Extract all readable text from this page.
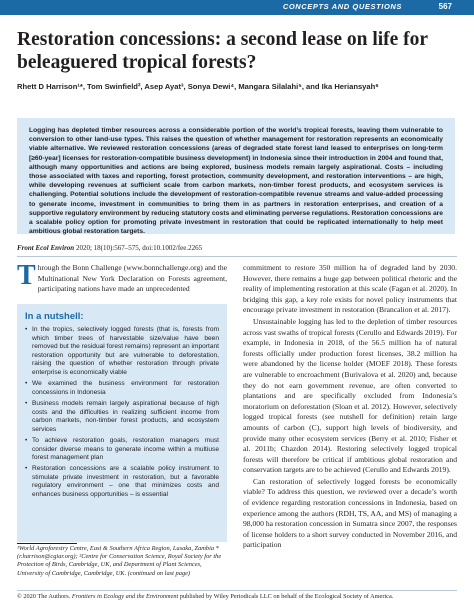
CONCEPTS AND QUESTIONS	567
Restoration concessions: a second lease on life for beleaguered tropical forests?
Rhett D Harrison¹*, Tom Swinfield², Asep Ayat³, Sonya Dewi⁴, Mangara Silalahi⁵, and Ika Heriansyah⁶
Logging has depleted timber resources across a considerable portion of the world’s tropical forests, leaving them vulnerable to conversion to other land-use types. This raises the question of whether management for restoration represents an economically viable alternative. We reviewed restoration concessions (areas of degraded state forest land leased to enterprises on long-term [≥60-year] licenses for restoration-compatible business development) in Indonesia since their introduction in 2004 and found that, although many opportunities and actions are being explored, business models remain largely aspirational. Costs – including those associated with taxes and reporting, forest protection, community development, and restoration interventions – are high, while developing revenues at sufficient scale from carbon markets, non-timber forest products, and ecosystem services is challenging. Potential solutions include the development of restoration-compatible revenue streams and value-added processing to generate income, investment in communities to bring them in as partners in restoration enterprises, and creation of a supportive regulatory environment by reducing statutory costs and eliminating perverse regulations. Restoration concessions are a scalable policy option for promoting private investment in restoration that could be replicated internationally to help meet ambitious global restoration targets.
Front Ecol Environ 2020; 18(10):567–575, doi:10.1002/fee.2265

Through the Bonn Challenge (www.bonnchallenge.org) and the Multinational New York Declaration on Forests agreement, participating nations have made an unprecedented

In a nutshell:
• In the tropics, selectively logged forests (that is, forests from which timber trees of harvestable size/value have been removed but the residual forest remains) represent an important restoration opportunity but are vulnerable to deforestation, raising the question of whether restoration through private enterprise is economically viable
• We examined the business environment for restoration concessions in Indonesia
• Business models remain largely aspirational because of high costs and the difficulties in realizing sufficient income from carbon markets, non-timber forest products, and ecosystem services
• To achieve restoration goals, restoration managers must consider diverse means to generate income within a multiuse forest management plan
• Restoration concessions are a scalable policy instrument to stimulate private investment in restoration, but a favorable regulatory environment – one that minimizes costs and enhances business opportunities – is essential
¹World Agroforestry Centre, East & Southern Africa Region, Lusaka, Zambia *(r.harrison@cgiar.org); ²Centre for Conservation Science, Royal Society for the Protection of Birds, Cambridge, UK, and Department of Plant Sciences, University of Cambridge, Cambridge, UK. (continued on last page)

commitment to restore 350 million ha of degraded land by 2030. However, there remains a huge gap between political rhetoric and the reality of implementing restoration at this scale (Fagan et al. 2020). In bridging this gap, a key role exists for novel policy instruments that encourage private investment in restoration (Brancalion et al. 2017).

Unsustainable logging has led to the depletion of timber resources across vast swaths of tropical forests (Cerullo and Edwards 2019). For example, in Indonesia in 2018, of the 56.5 million ha of natural forests officially under production forest licenses, 38.2 million ha were abandoned by the license holder (MOEF 2018). These forests are vulnerable to encroachment (Burivalova et al. 2020) and, because they do not earn government revenue, are often converted to plantations and are specifically excluded from Indonesia’s moratorium on deforestation (Sloan et al. 2012). However, selectively logged tropical forests (see nutshell for definition) retain large amounts of carbon (C), support high levels of biodiversity, and provide many other ecosystem services (Berry et al. 2010; Fisher et al. 2011b; Chazdon 2014). Restoring selectively logged tropical forests will therefore be critical if ambitious global restoration and conservation targets are to be achieved (Cerullo and Edwards 2019).

Can restoration of selectively logged forests be economically viable? To address this question, we reviewed over a decade’s worth of evidence regarding restoration concessions in Indonesia, based on experience among the authors (RDH, TS, AA, and MS) of managing a 98,000 ha restoration concession in Sumatra since 2007, the responses of license holders to a short survey conducted in November 2016, and participation

© 2020 The Authors. Frontiers in Ecology and the Environment published by Wiley Periodicals LLC on behalf of the Ecological Society of America.
